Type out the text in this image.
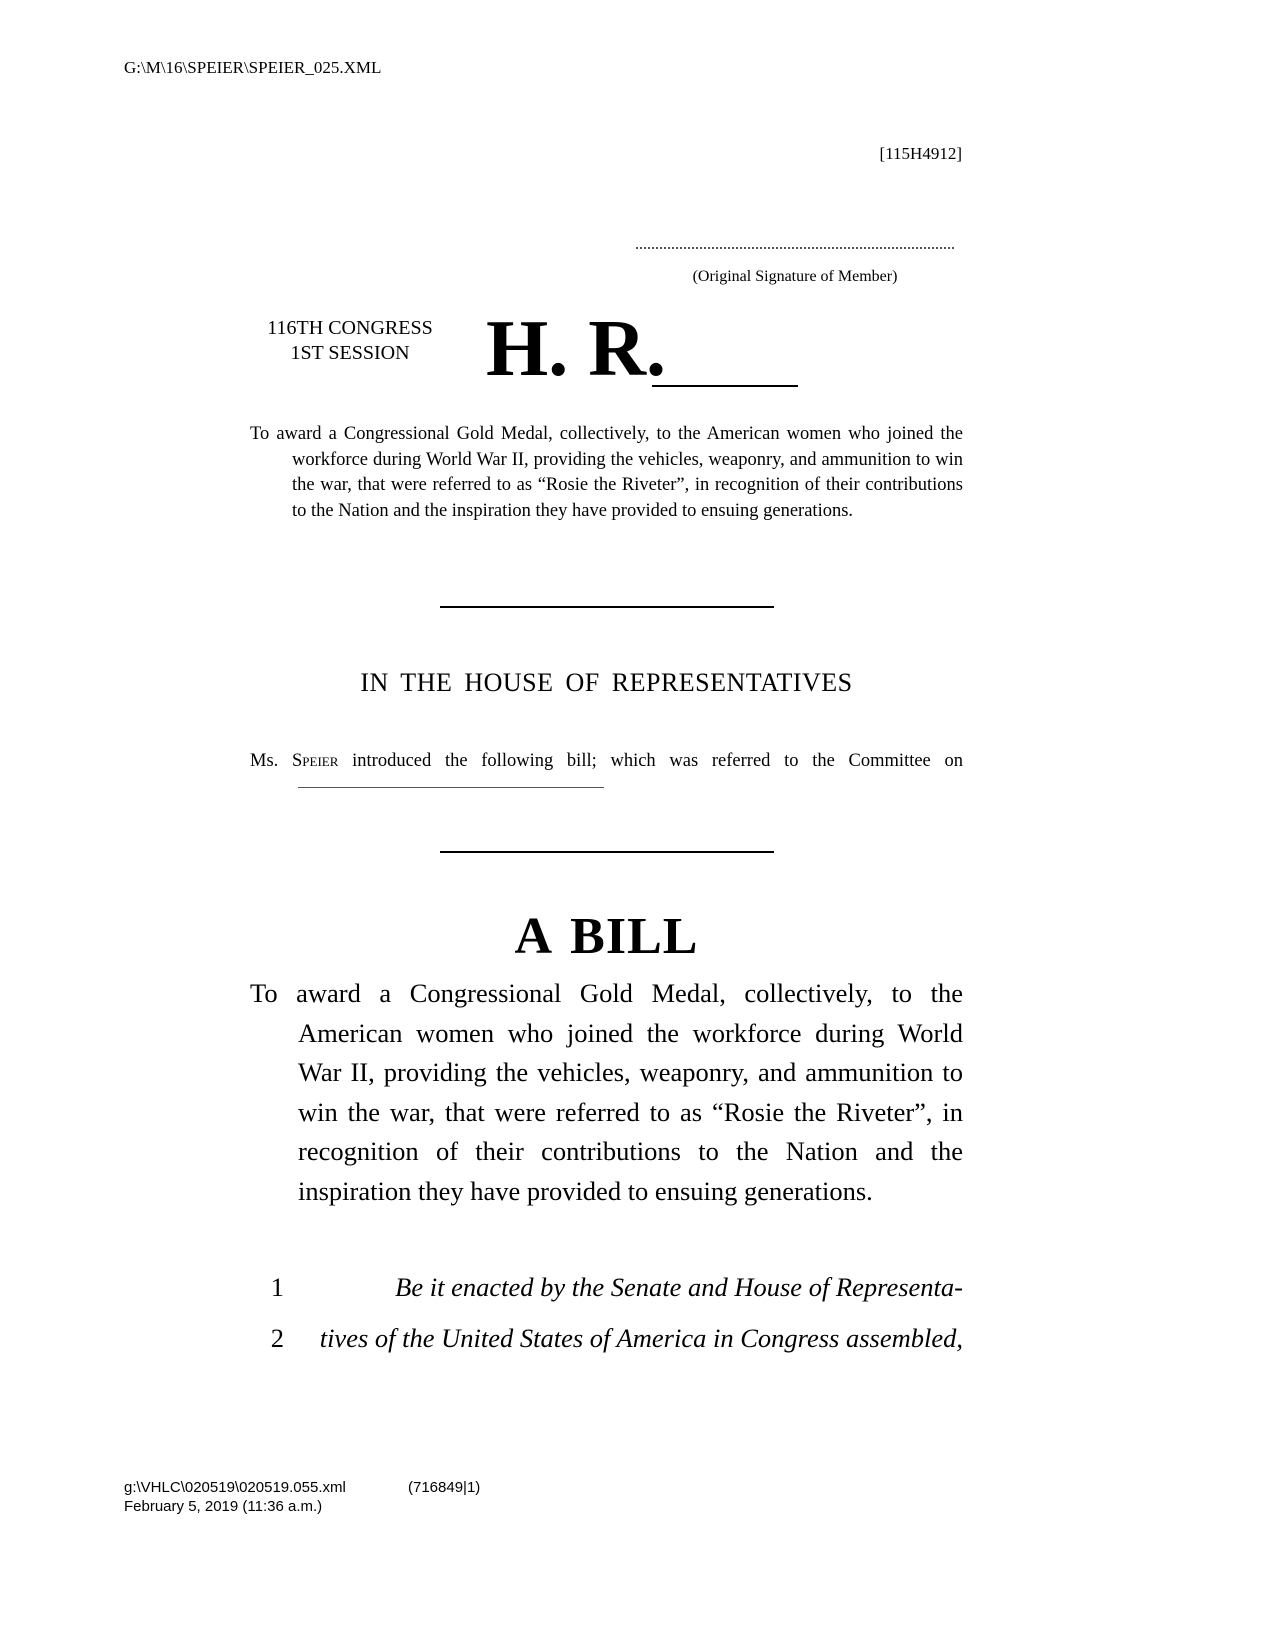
G:\M\16\SPEIER\SPEIER_025.XML
[115H4912]
(Original Signature of Member)
116TH CONGRESS
1ST SESSION H. R.
To award a Congressional Gold Medal, collectively, to the American women who joined the workforce during World War II, providing the vehicles, weaponry, and ammunition to win the war, that were referred to as “Rosie the Riveter”, in recognition of their contributions to the Nation and the inspiration they have provided to ensuing generations.
IN THE HOUSE OF REPRESENTATIVES
Ms. Speier introduced the following bill; which was referred to the Committee on
A BILL
To award a Congressional Gold Medal, collectively, to the American women who joined the workforce during World War II, providing the vehicles, weaponry, and ammunition to win the war, that were referred to as “Rosie the Riveter”, in recognition of their contributions to the Nation and the inspiration they have provided to ensuing generations.
1	Be it enacted by the Senate and House of Representa-
2	tives of the United States of America in Congress assembled,
g:\VHLC\020519\020519.055.xml	(716849|1)
February 5, 2019 (11:36 a.m.)
